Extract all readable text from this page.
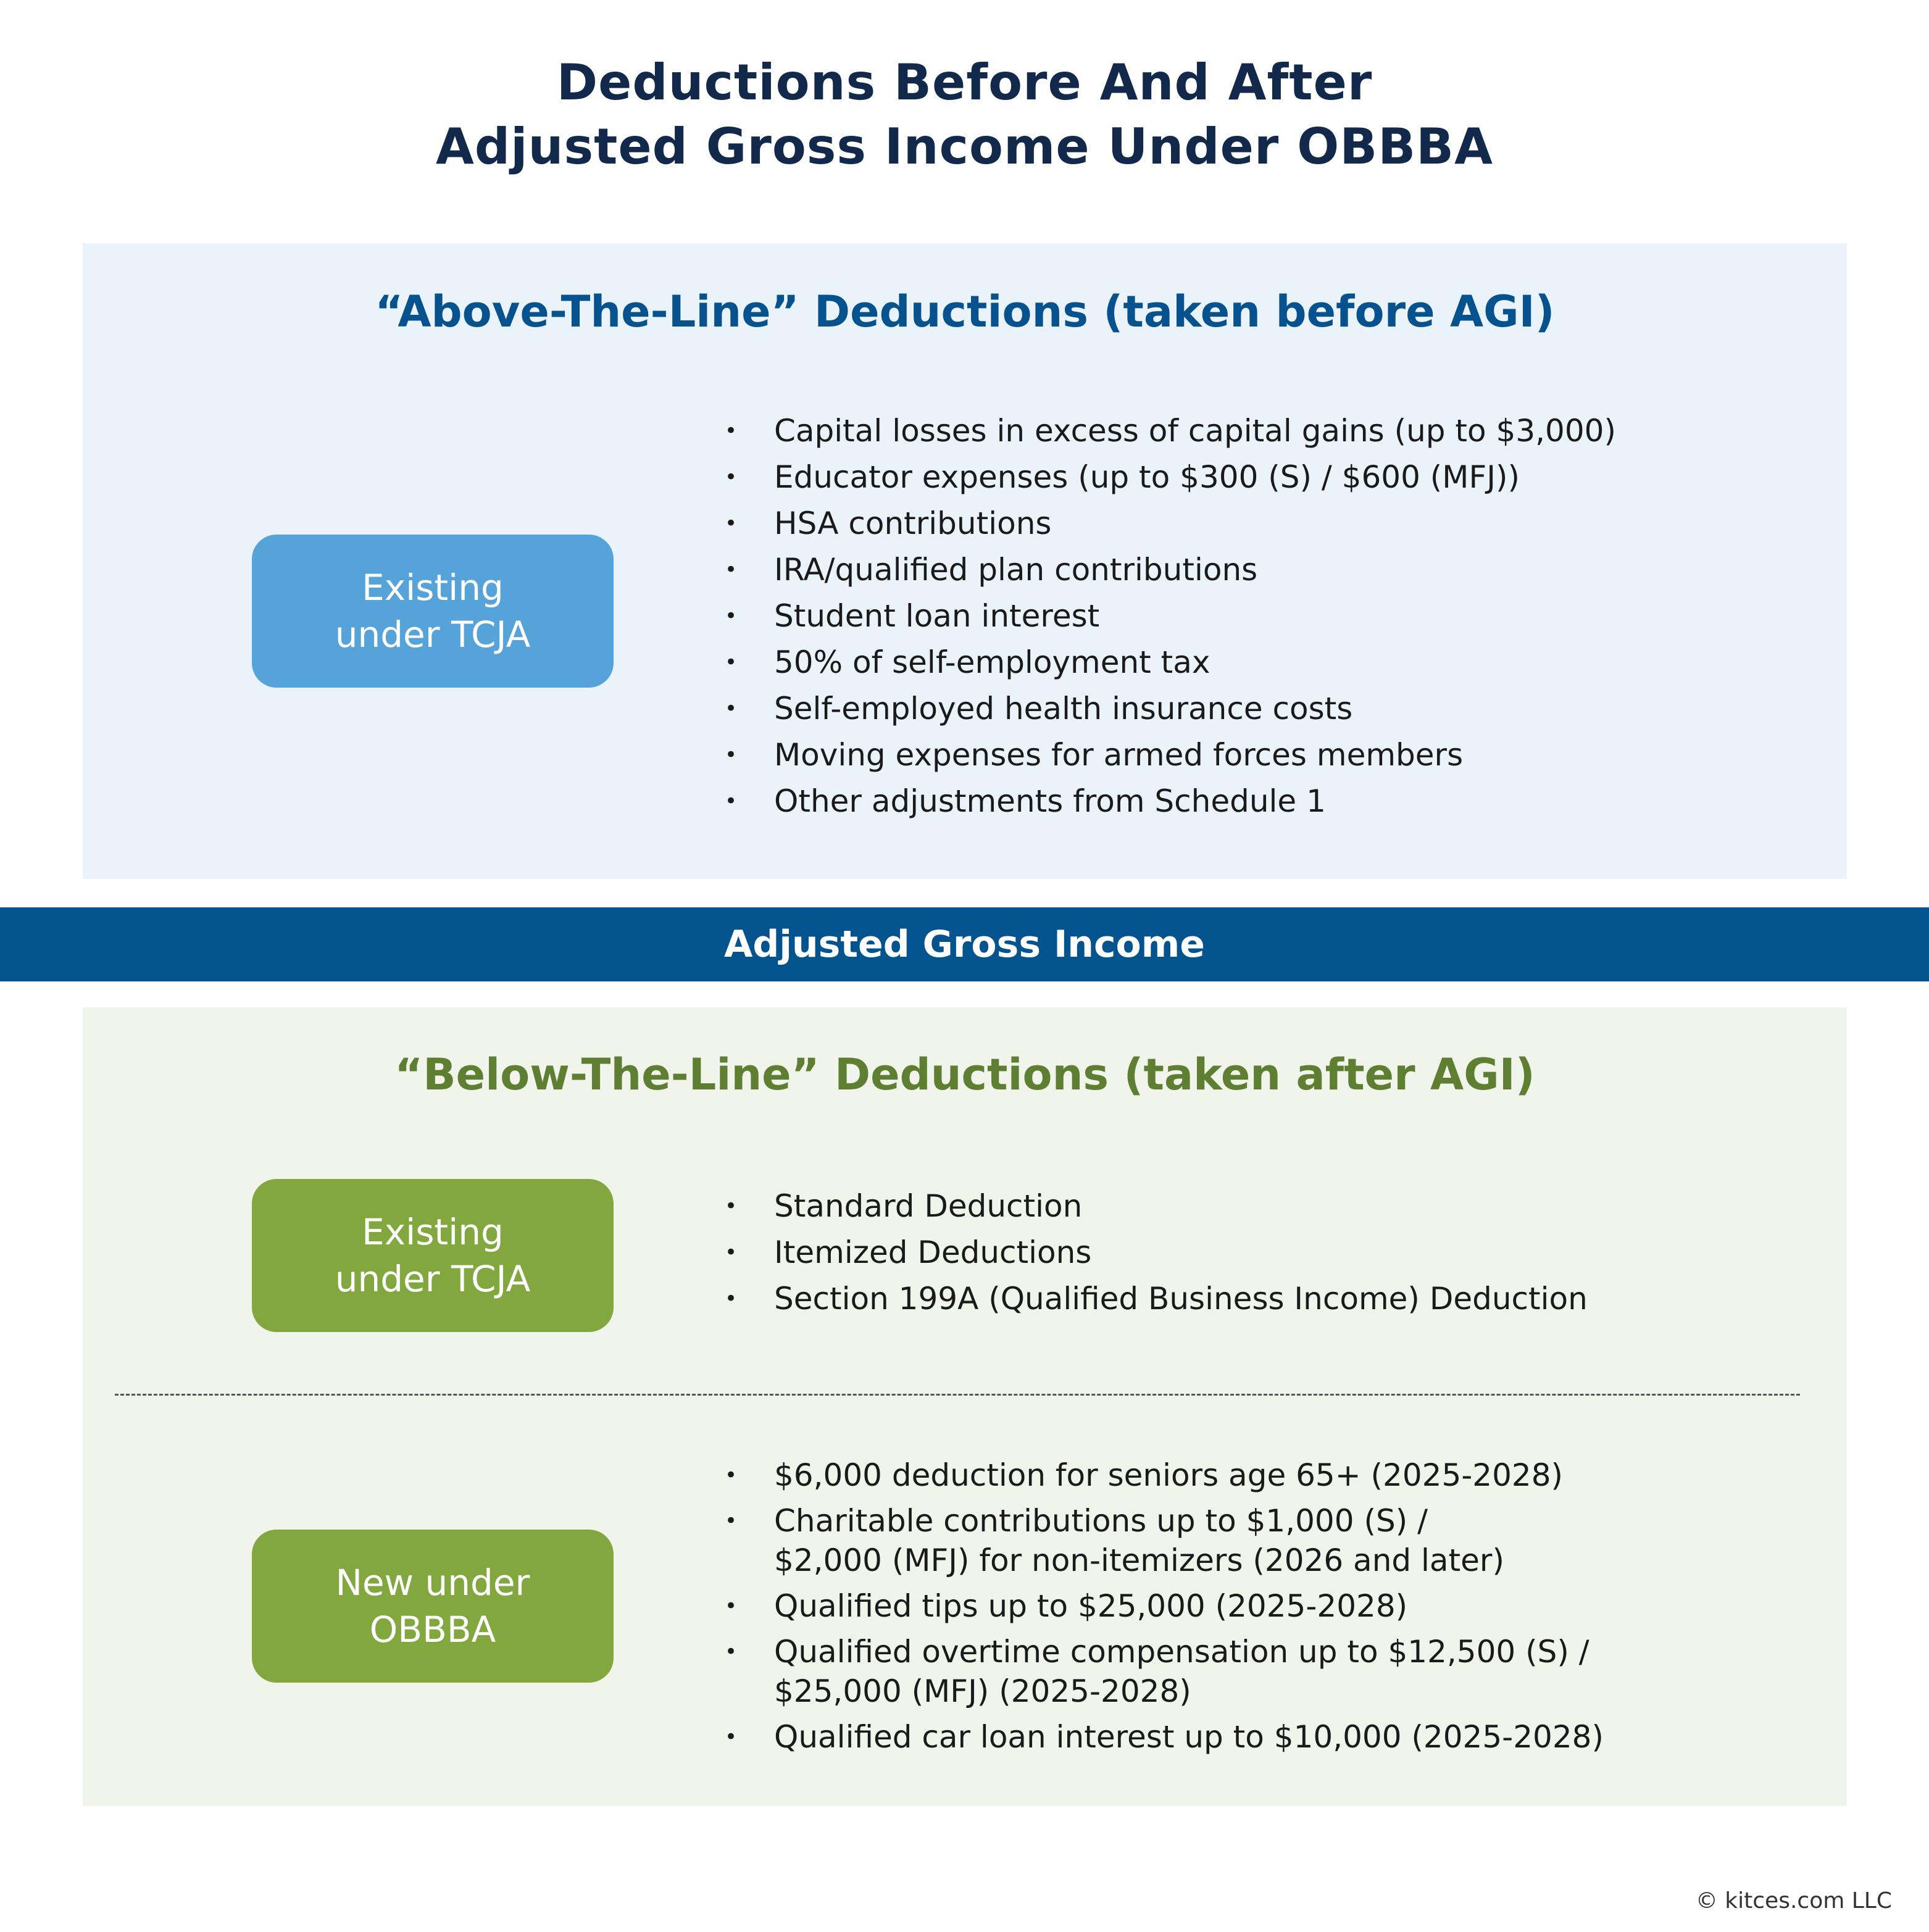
Deductions Before And After
Adjusted Gross Income Under OBBBA
“Above-The-Line” Deductions (taken before AGI)
Existing
under TCJA
• Capital losses in excess of capital gains (up to $3,000)
• Educator expenses (up to $300 (S) / $600 (MFJ))
• HSA contributions
• IRA/qualified plan contributions
• Student loan interest
• 50% of self-employment tax
• Self-employed health insurance costs
• Moving expenses for armed forces members
• Other adjustments from Schedule 1
Adjusted Gross Income
“Below-The-Line” Deductions (taken after AGI)
Existing
under TCJA
• Standard Deduction
• Itemized Deductions
• Section 199A (Qualified Business Income) Deduction
New under
OBBBA
• $6,000 deduction for seniors age 65+ (2025-2028)
• Charitable contributions up to $1,000 (S) /
$2,000 (MFJ) for non-itemizers (2026 and later)
• Qualified tips up to $25,000 (2025-2028)
• Qualified overtime compensation up to $12,500 (S) /
$25,000 (MFJ) (2025-2028)
• Qualified car loan interest up to $10,000 (2025-2028)
© kitces.com LLC
